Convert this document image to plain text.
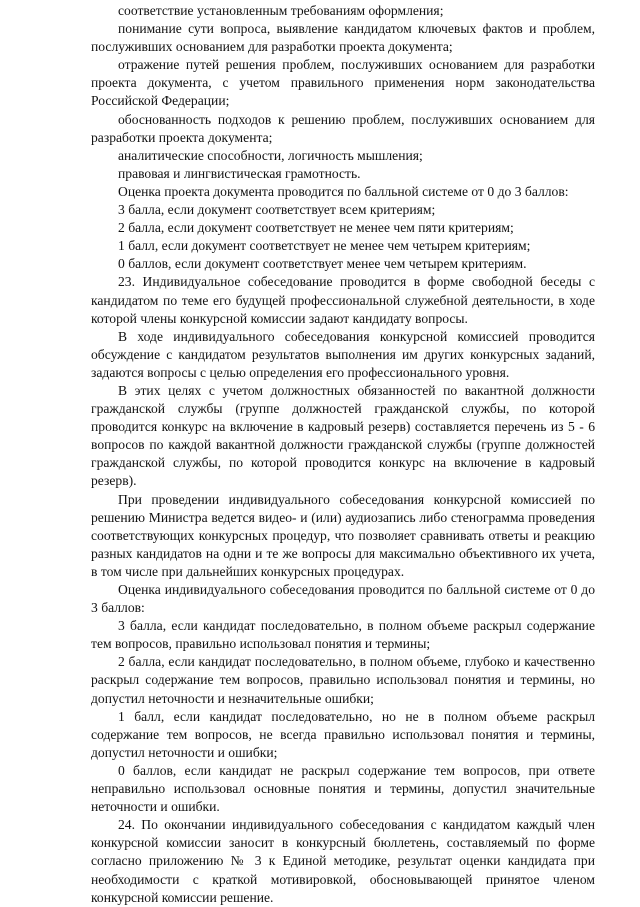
соответствие установленным требованиям оформления;

понимание сути вопроса, выявление кандидатом ключевых фактов и проблем, послуживших основанием для разработки проекта документа;

отражение путей решения проблем, послуживших основанием для разработки проекта документа, с учетом правильного применения норм законодательства Российской Федерации;

обоснованность подходов к решению проблем, послуживших основанием для разработки проекта документа;

аналитические способности, логичность мышления;

правовая и лингвистическая грамотность.

Оценка проекта документа проводится по балльной системе от 0 до 3 баллов:

3 балла, если документ соответствует всем критериям;

2 балла, если документ соответствует не менее чем пяти критериям;

1 балл, если документ соответствует не менее чем четырем критериям;

0 баллов, если документ соответствует менее чем четырем критериям.

23. Индивидуальное собеседование проводится в форме свободной беседы с кандидатом по теме его будущей профессиональной служебной деятельности, в ходе которой члены конкурсной комиссии задают кандидату вопросы.

В ходе индивидуального собеседования конкурсной комиссией проводится обсуждение с кандидатом результатов выполнения им других конкурсных заданий, задаются вопросы с целью определения его профессионального уровня.

В этих целях с учетом должностных обязанностей по вакантной должности гражданской службы (группе должностей гражданской службы, по которой проводится конкурс на включение в кадровый резерв) составляется перечень из 5 - 6 вопросов по каждой вакантной должности гражданской службы (группе должностей гражданской службы, по которой проводится конкурс на включение в кадровый резерв).

При проведении индивидуального собеседования конкурсной комиссией по решению Министра ведется видео- и (или) аудиозапись либо стенограмма проведения соответствующих конкурсных процедур, что позволяет сравнивать ответы и реакцию разных кандидатов на одни и те же вопросы для максимально объективного их учета, в том числе при дальнейших конкурсных процедурах.

Оценка индивидуального собеседования проводится по балльной системе от 0 до 3 баллов:

3 балла, если кандидат последовательно, в полном объеме раскрыл содержание тем вопросов, правильно использовал понятия и термины;

2 балла, если кандидат последовательно, в полном объеме, глубоко и качественно раскрыл содержание тем вопросов, правильно использовал понятия и термины, но допустил неточности и незначительные ошибки;

1 балл, если кандидат последовательно, но не в полном объеме раскрыл содержание тем вопросов, не всегда правильно использовал понятия и термины, допустил неточности и ошибки;

0 баллов, если кандидат не раскрыл содержание тем вопросов, при ответе неправильно использовал основные понятия и термины, допустил значительные неточности и ошибки.

24. По окончании индивидуального собеседования с кандидатом каждый член конкурсной комиссии заносит в конкурсный бюллетень, составляемый по форме согласно приложению № 3 к Единой методике, результат оценки кандидата при необходимости с краткой мотивировкой, обосновывающей принятое членом конкурсной комиссии решение.
